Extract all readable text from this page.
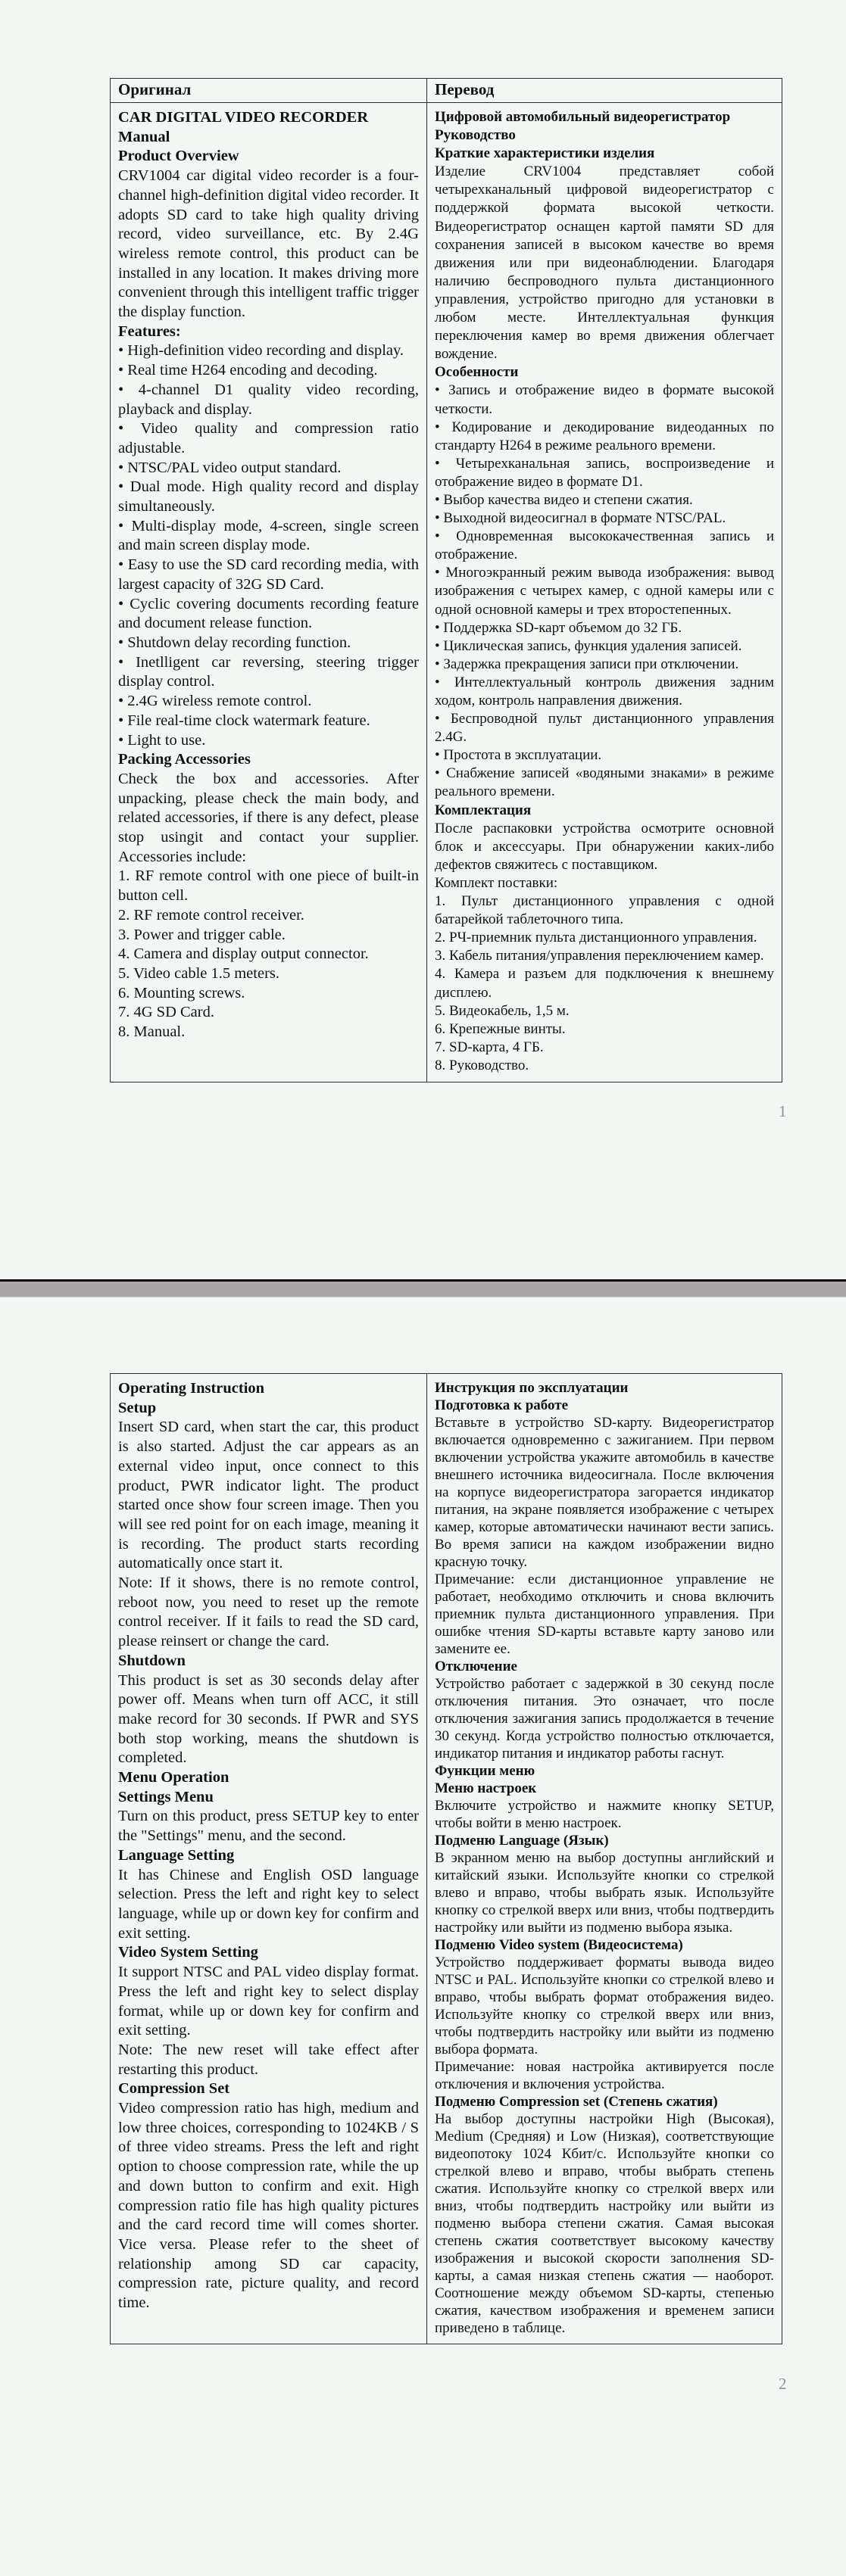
Оригинал	Перевод

CAR DIGITAL VIDEO RECORDER

Manual

Product Overview

CRV1004 car digital video recorder is a four-channel high-definition digital video recorder. It adopts SD card to take high quality driving record, video surveillance, etc. By 2.4G wireless remote control, this product can be installed in any location. It makes driving more convenient through this intelligent traffic trigger the display function.

Features:

• High-definition video recording and display.

• Real time H264 encoding and decoding.

• 4-channel D1 quality video recording, playback and display.

• Video quality and compression ratio adjustable.

• NTSC/PAL video output standard.

• Dual mode. High quality record and display simultaneously.

• Multi-display mode, 4-screen, single screen and main screen display mode.

• Easy to use the SD card recording media, with largest capacity of 32G SD Card.

• Cyclic covering documents recording feature and document release function.

• Shutdown delay recording function.

• Inetlligent car reversing, steering trigger display control.

• 2.4G wireless remote control.

• File real-time clock watermark feature.

• Light to use.

Packing Accessories

Check the box and accessories. After unpacking, please check the main body, and related accessories, if there is any defect, please stop usingit and contact your supplier. Accessories include:

1. RF remote control with one piece of built-in button cell.

2. RF remote control receiver.

3. Power and trigger cable.

4. Camera and display output connector.

5. Video cable 1.5 meters.

6. Mounting screws.

7. 4G SD Card.

8. Manual.

Цифровой автомобильный видеорегистратор

Руководство

Краткие характеристики изделия

Изделие CRV1004 представляет собой четырехканальный цифровой видеорегистратор с поддержкой формата высокой четкости. Видеорегистратор оснащен картой памяти SD для сохранения записей в высоком качестве во время движения или при видеонаблюдении. Благодаря наличию беспроводного пульта дистанционного управления, устройство пригодно для установки в любом месте. Интеллектуальная функция переключения камер во время движения облегчает вождение.

Особенности

• Запись и отображение видео в формате высокой четкости.

• Кодирование и декодирование видеоданных по стандарту H264 в режиме реального времени.

• Четырехканальная запись, воспроизведение и отображение видео в формате D1.

• Выбор качества видео и степени сжатия.

• Выходной видеосигнал в формате NTSC/PAL.

• Одновременная высококачественная запись и отображение.

• Многоэкранный режим вывода изображения: вывод изображения с четырех камер, с одной камеры или с одной основной камеры и трех второстепенных.

• Поддержка SD-карт объемом до 32 ГБ.

• Циклическая запись, функция удаления записей.

• Задержка прекращения записи при отключении.

• Интеллектуальный контроль движения задним ходом, контроль направления движения.

• Беспроводной пульт дистанционного управления 2.4G.

• Простота в эксплуатации.

• Снабжение записей «водяными знаками» в режиме реального времени.

Комплектация

После распаковки устройства осмотрите основной блок и аксессуары. При обнаружении каких-либо дефектов свяжитесь с поставщиком.

Комплект поставки:

1. Пульт дистанционного управления с одной батарейкой таблеточного типа.

2. РЧ-приемник пульта дистанционного управления.

3. Кабель питания/управления переключением камер.

4. Камера и разъем для подключения к внешнему дисплею.

5. Видеокабель, 1,5 м.

6. Крепежные винты.

7. SD-карта, 4 ГБ.

8. Руководство.

1

Operating Instruction

Setup

Insert SD card, when start the car, this product is also started. Adjust the car appears as an external video input, once connect to this product, PWR indicator light. The product started once show four screen image. Then you will see red point for on each image, meaning it is recording. The product starts recording automatically once start it.

Note: If it shows, there is no remote control, reboot now, you need to reset up the remote control receiver. If it fails to read the SD card, please reinsert or change the card.

Shutdown

This product is set as 30 seconds delay after power off. Means when turn off ACC, it still make record for 30 seconds. If PWR and SYS both stop working, means the shutdown is completed.

Menu Operation

Settings Menu

Turn on this product, press SETUP key to enter the "Settings" menu, and the second.

Language Setting

It has Chinese and English OSD language selection. Press the left and right key to select language, while up or down key for confirm and exit setting.

Video System Setting

It support NTSC and PAL video display format. Press the left and right key to select display format, while up or down key for confirm and exit setting.

Note: The new reset will take effect after restarting this product.

Compression Set

Video compression ratio has high, medium and low three choices, corresponding to 1024KB / S of three video streams. Press the left and right option to choose compression rate, while the up and down button to confirm and exit. High compression ratio file has high quality pictures and the card record time will comes shorter. Vice versa. Please refer to the sheet of relationship among SD car capacity, compression rate, picture quality, and record time.

Инструкция по эксплуатации

Подготовка к работе

Вставьте в устройство SD-карту. Видеорегистратор включается одновременно с зажиганием. При первом включении устройства укажите автомобиль в качестве внешнего источника видеосигнала. После включения на корпусе видеорегистратора загорается индикатор питания, на экране появляется изображение с четырех камер, которые автоматически начинают вести запись. Во время записи на каждом изображении видно красную точку.

Примечание: если дистанционное управление не работает, необходимо отключить и снова включить приемник пульта дистанционного управления. При ошибке чтения SD-карты вставьте карту заново или замените ее.

Отключение

Устройство работает с задержкой в 30 секунд после отключения питания. Это означает, что после отключения зажигания запись продолжается в течение 30 секунд. Когда устройство полностью отключается, индикатор питания и индикатор работы гаснут.

Функции меню

Меню настроек

Включите устройство и нажмите кнопку SETUP, чтобы войти в меню настроек.

Подменю Language (Язык)

В экранном меню на выбор доступны английский и китайский языки. Используйте кнопки со стрелкой влево и вправо, чтобы выбрать язык. Используйте кнопку со стрелкой вверх или вниз, чтобы подтвердить настройку или выйти из подменю выбора языка.

Подменю Video system (Видеосистема)

Устройство поддерживает форматы вывода видео NTSC и PAL. Используйте кнопки со стрелкой влево и вправо, чтобы выбрать формат отображения видео. Используйте кнопку со стрелкой вверх или вниз, чтобы подтвердить настройку или выйти из подменю выбора формата.

Примечание: новая настройка активируется после отключения и включения устройства.

Подменю Compression set (Степень сжатия)

На выбор доступны настройки High (Высокая), Medium (Средняя) и Low (Низкая), соответствующие видеопотоку 1024 Кбит/с. Используйте кнопки со стрелкой влево и вправо, чтобы выбрать степень сжатия. Используйте кнопку со стрелкой вверх или вниз, чтобы подтвердить настройку или выйти из подменю выбора степени сжатия. Самая высокая степень сжатия соответствует высокому качеству изображения и высокой скорости заполнения SD-карты, а самая низкая степень сжатия — наоборот. Соотношение между объемом SD-карты, степенью сжатия, качеством изображения и временем записи приведено в таблице.

2
